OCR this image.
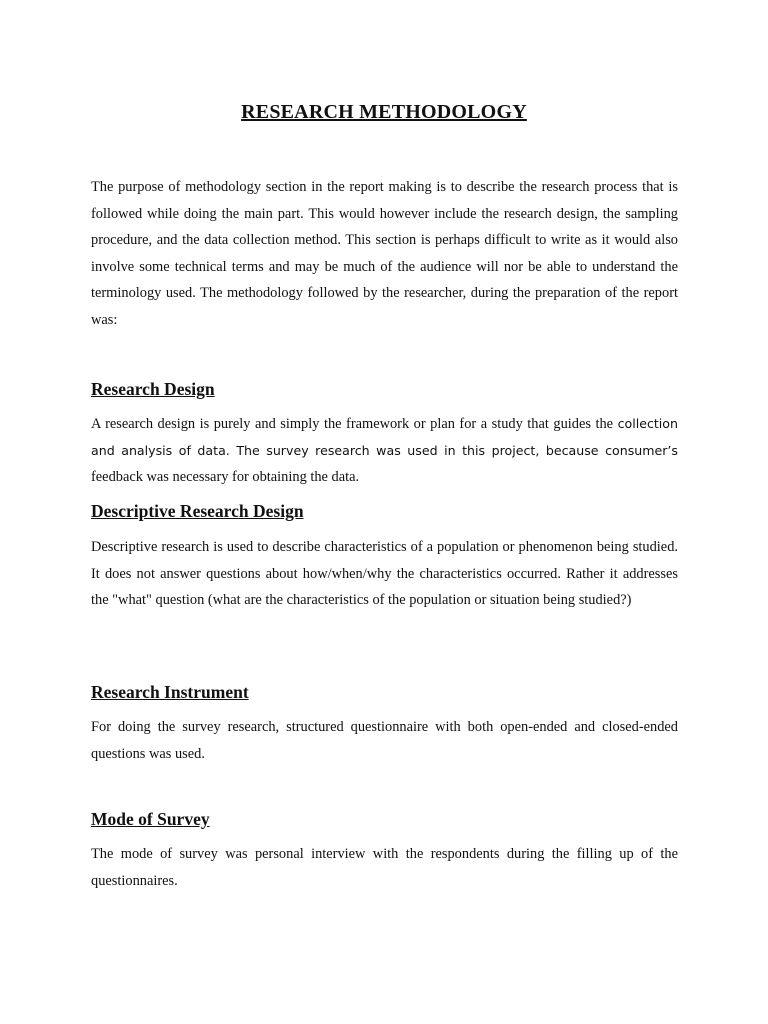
RESEARCH METHODOLOGY

The purpose of methodology section in the report making is to describe the research process that is followed while doing the main part. This would however include the research design, the sampling procedure, and the data collection method. This section is perhaps difficult to write as it would also involve some technical terms and may be much of the audience will nor be able to understand the terminology used. The methodology followed by the researcher, during the preparation of the report was:

Research Design

A research design is purely and simply the framework or plan for a study that guides the collection and analysis of data. The survey research was used in this project, because consumer’s feedback was necessary for obtaining the data.

Descriptive Research Design

Descriptive research is used to describe characteristics of a population or phenomenon being studied. It does not answer questions about how/when/why the characteristics occurred. Rather it addresses the "what" question (what are the characteristics of the population or situation being studied?)

Research Instrument

For doing the survey research, structured questionnaire with both open-ended and closed-ended questions was used.

Mode of Survey

The mode of survey was personal interview with the respondents during the filling up of the questionnaires.
